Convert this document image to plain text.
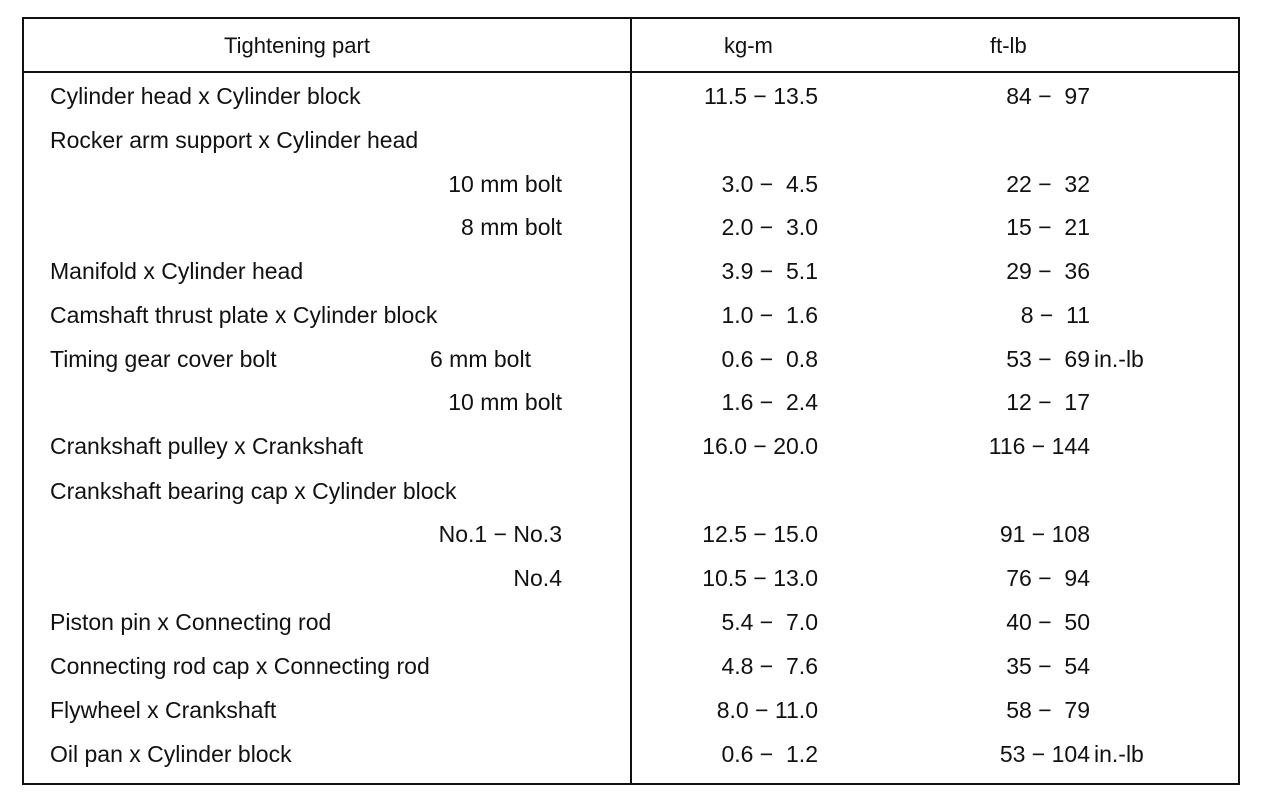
Tightening part	kg-m	ft-lb
Cylinder head x Cylinder block	11.5 − 13.5	84 −  97
Rocker arm support x Cylinder head
10 mm bolt	3.0 −  4.5	22 −  32
8 mm bolt	2.0 −  3.0	15 −  21
Manifold x Cylinder head	3.9 −  5.1	29 −  36
Camshaft thrust plate x Cylinder block	1.0 −  1.6	8 −  11
Timing gear cover bolt	6 mm bolt	0.6 −  0.8	53 −  69 in.-lb
10 mm bolt	1.6 −  2.4	12 −  17
Crankshaft pulley x Crankshaft	16.0 − 20.0	116 − 144
Crankshaft bearing cap x Cylinder block
No.1 − No.3	12.5 − 15.0	91 − 108
No.4	10.5 − 13.0	76 −  94
Piston pin x Connecting rod	5.4 −  7.0	40 −  50
Connecting rod cap x Connecting rod	4.8 −  7.6	35 −  54
Flywheel x Crankshaft	8.0 − 11.0	58 −  79
Oil pan x Cylinder block	0.6 −  1.2	53 − 104 in.-lb
